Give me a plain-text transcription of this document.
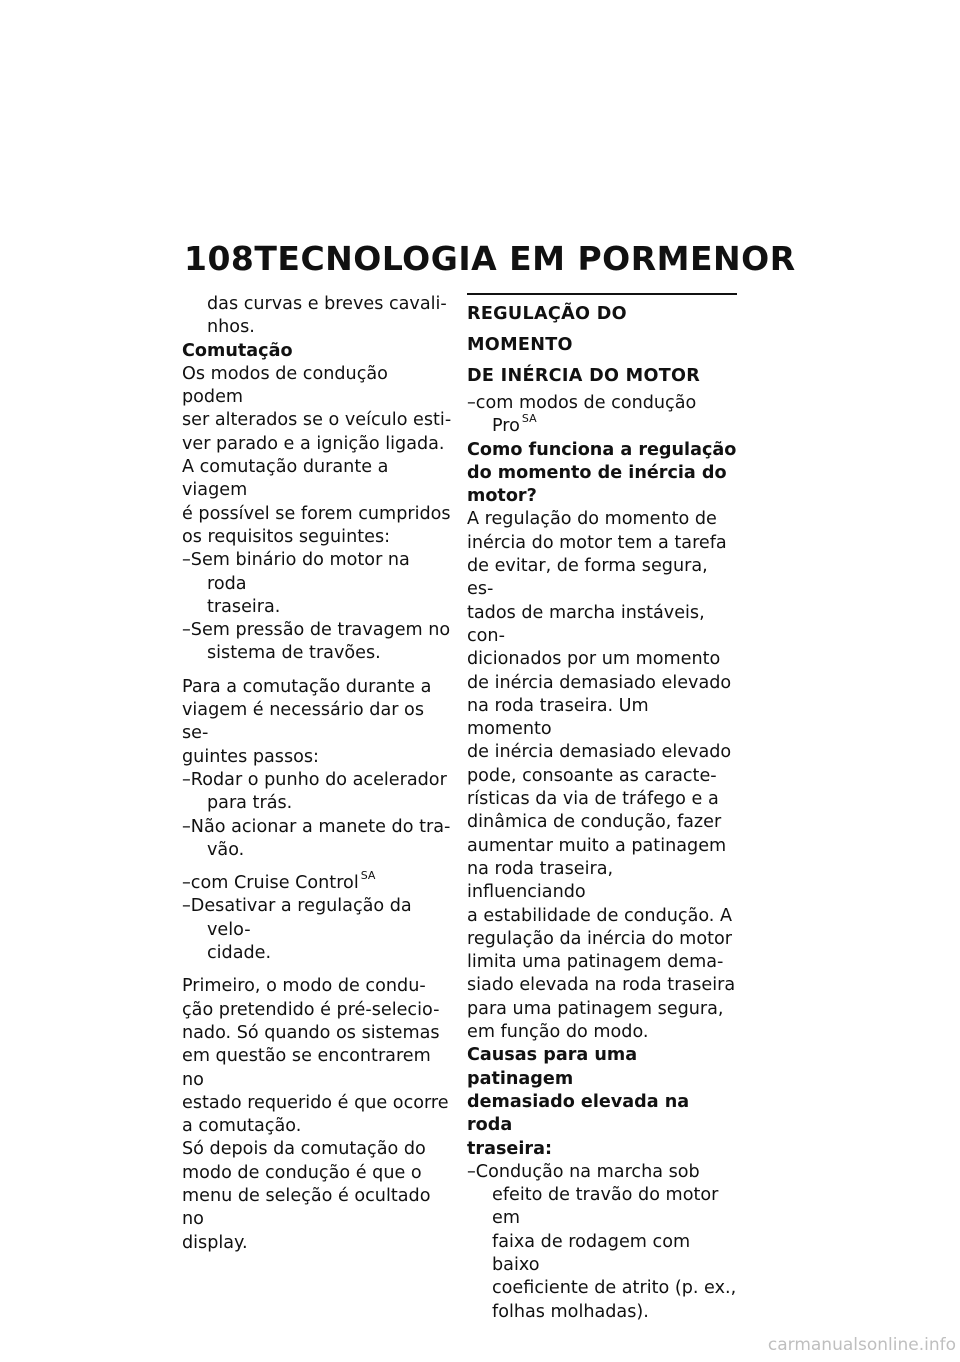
108 TECNOLOGIA EM PORMENOR
das curvas e breves cavali-
nhos.
Comutação
Os modos de condução podem
ser alterados se o veículo esti-
ver parado e a ignição ligada.
A comutação durante a viagem
é possível se forem cumpridos
os requisitos seguintes:
–Sem binário do motor na roda
traseira.
–Sem pressão de travagem no
sistema de travões.
Para a comutação durante a
viagem é necessário dar os se-
guintes passos:
–Rodar o punho do acelerador
para trás.
–Não acionar a manete do tra-
vão.
–com Cruise Control $^{SA}$
–Desativar a regulação da velo-
cidade.
Primeiro, o modo de condu-
ção pretendido é pré-selecio-
nado. Só quando os sistemas
em questão se encontrarem no
estado requerido é que ocorre
a comutação.
Só depois da comutação do
modo de condução é que o
menu de seleção é ocultado no
display.
REGULAÇÃO DO MOMENTO
DE INÉRCIA DO MOTOR
–com modos de condução
Pro $^{SA}$
Como funciona a regulação
do momento de inércia do
motor?
A regulação do momento de
inércia do motor tem a tarefa
de evitar, de forma segura, es-
tados de marcha instáveis, con-
dicionados por um momento
de inércia demasiado elevado
na roda traseira. Um momento
de inércia demasiado elevado
pode, consoante as caracte-
rísticas da via de tráfego e a
dinâmica de condução, fazer
aumentar muito a patinagem
na roda traseira, influenciando
a estabilidade de condução. A
regulação da inércia do motor
limita uma patinagem dema-
siado elevada na roda traseira
para uma patinagem segura,
em função do modo.
Causas para uma patinagem
demasiado elevada na roda
traseira:
–Condução na marcha sob
efeito de travão do motor em
faixa de rodagem com baixo
coeficiente de atrito (p. ex.,
folhas molhadas).
carmanualsonline.info
